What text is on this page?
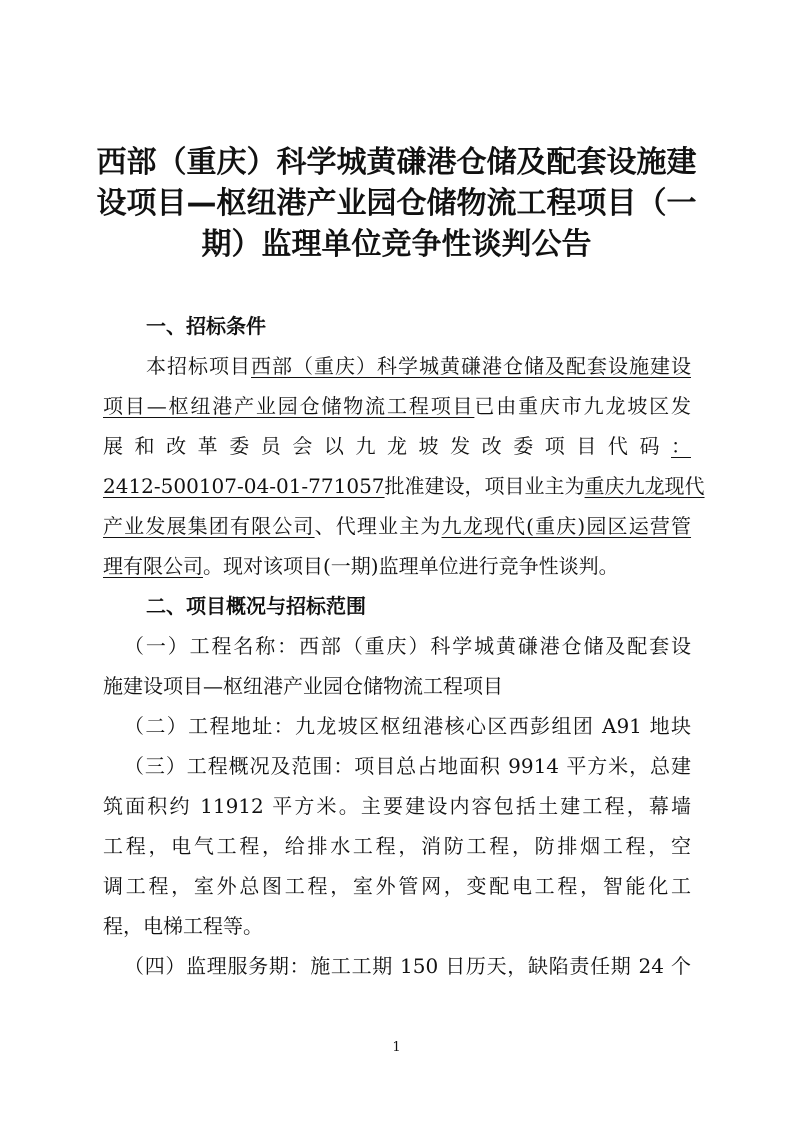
西部（重庆）科学城黄磏港仓储及配套设施建
设项目—枢纽港产业园仓储物流工程项目（一
期）监理单位竞争性谈判公告
一、招标条件

本招标项目西部（重庆）科学城黄磏港仓储及配套设施建设

项目—枢纽港产业园仓储物流工程项目已由重庆市九龙坡区发

展和改革委员会以九龙坡发改委项目代码：

2412-500107-04-01-771057批准建设，项目业主为重庆九龙现代

产业发展集团有限公司、代理业主为九龙现代(重庆)园区运营管

理有限公司。现对该项目(一期)监理单位进行竞争性谈判。

二、项目概况与招标范围

（一）工程名称：西部（重庆）科学城黄磏港仓储及配套设

施建设项目—枢纽港产业园仓储物流工程项目

（二）工程地址：九龙坡区枢纽港核心区西彭组团 A91 地块

（三）工程概况及范围：项目总占地面积 9914 平方米，总建

筑面积约 11912 平方米。主要建设内容包括土建工程，幕墙

工程，电气工程，给排水工程，消防工程，防排烟工程，空

调工程，室外总图工程，室外管网，变配电工程，智能化工

程，电梯工程等。

（四）监理服务期：施工工期 150 日历天，缺陷责任期 24 个

1
